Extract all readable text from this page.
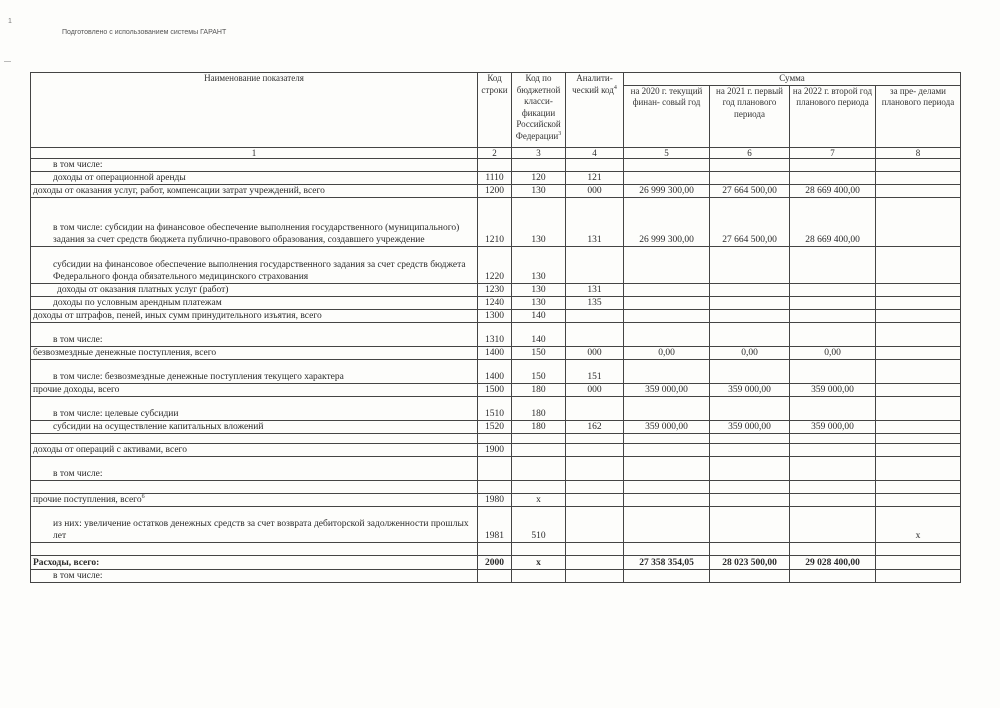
Подготовлено с использованием системы ГАРАНТ
1
—
Наименование показателя	Код строки	Код по бюджетной класси- фикации Российской Федерации$^3$	Аналити- ческий код$^4$	Сумма			
				на 2020 г. текущий финан- совый год	на 2021 г. первый год планового периода	на 2022 г. второй год планового периода	за пре- делами планового периода
1	2	3	4	5	6	7	8
в том числе:							
доходы от операционной аренды	1110	120	121				
доходы от оказания услуг, работ, компенсации затрат учреждений, всего	1200	130	000	26 999 300,00	27 664 500,00	28 669 400,00	
в том числе: субсидии на финансовое обеспечение выполнения государственного (муниципального) задания за счет средств бюджета публично-правового образования, создавшего учреждение	1210	130	131	26 999 300,00	27 664 500,00	28 669 400,00	
субсидии на финансовое обеспечение выполнения государственного задания за счет средств бюджета Федерального фонда обязательного медицинского страхования	1220	130					
доходы от оказания платных услуг (работ)	1230	130	131				
доходы по условным арендным платежам	1240	130	135				
доходы от штрафов, пеней, иных сумм принудительного изъятия, всего	1300	140					
в том числе:	1310	140					
безвозмездные денежные поступления, всего	1400	150	000	0,00	0,00	0,00	
в том числе: безвозмездные денежные поступления текущего характера	1400	150	151				
прочие доходы, всего	1500	180	000	359 000,00	359 000,00	359 000,00	
в том числе: целевые субсидии	1510	180					
субсидии на осуществление капитальных вложений	1520	180	162	359 000,00	359 000,00	359 000,00	

доходы от операций с активами, всего	1900						
в том числе:							

прочие поступления, всего$^6$	1980	x					
из них: увеличение остатков денежных средств за счет возврата дебиторской задолженности прошлых лет	1981	510					x

Расходы, всего:	2000	x		27 358 354,05	28 023 500,00	29 028 400,00	
в том числе:							
